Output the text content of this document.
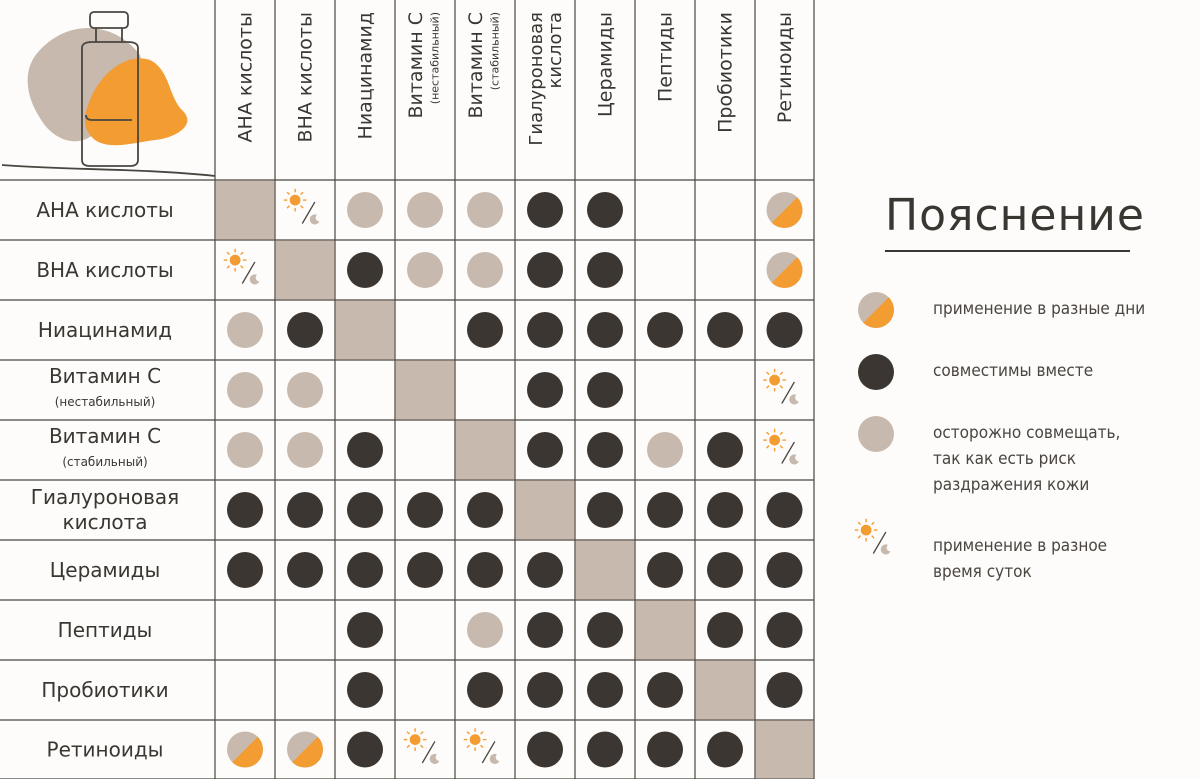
АНА кислоты ВНА кислоты Ниацинамид Витамин С (нестабильный) Витамин С (стабильный) Гиалуроновая
кислота Церамиды Пептиды Пробиотики Ретиноиды
АНА кислоты
ВНА кислоты
Ниацинамид
Витамин С
(нестабильный)
Витамин С
(стабильный)
Гиалуроновая
кислота
Церамиды
Пептиды
Пробиотики
Ретиноиды
Пояснение
применение в разные дни
совместимы вместе
осторожно совмещать,
так как есть риск
раздражения кожи
применение в разное
время суток
